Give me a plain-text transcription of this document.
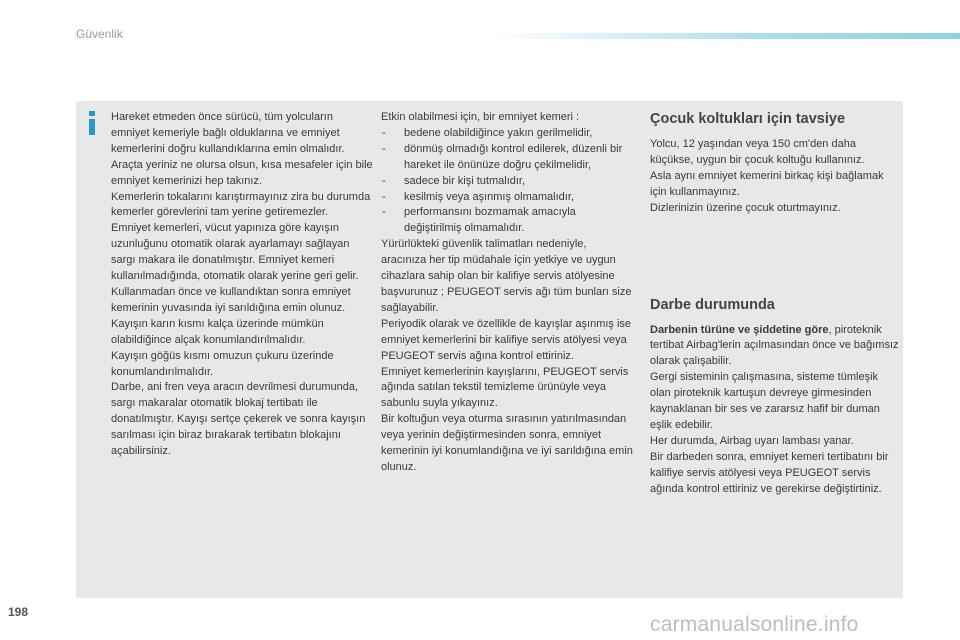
Güvenlik

Hareket etmeden önce sürücü, tüm yolcuların emniyet kemeriyle bağlı olduklarına ve emniyet kemerlerini doğru kullandıklarına emin olmalıdır.

Araçta yeriniz ne olursa olsun, kısa mesafeler için bile emniyet kemerinizi hep takınız.

Kemerlerin tokalarını karıştırmayınız zira bu durumda kemerler görevlerini tam yerine getiremezler.

Emniyet kemerleri, vücut yapınıza göre kayışın uzunluğunu otomatik olarak ayarlamayı sağlayan sargı makara ile donatılmıştır. Emniyet kemeri kullanılmadığında, otomatik olarak yerine geri gelir.

Kullanmadan önce ve kullandıktan sonra emniyet kemerinin yuvasında iyi sarıldığına emin olunuz.

Kayışın karın kısmı kalça üzerinde mümkün olabildiğince alçak konumlandırılmalıdır.

Kayışın göğüs kısmı omuzun çukuru üzerinde konumlandırılmalıdır.

Darbe, ani fren veya aracın devrilmesi durumunda, sargı makaralar otomatik blokaj tertibatı ile donatılmıştır. Kayışı sertçe çekerek ve sonra kayışın sarılması için biraz bırakarak tertibatın blokajını açabilirsiniz.

Etkin olabilmesi için, bir emniyet kemeri :

- bedene olabildiğince yakın gerilmelidir,
- dönmüş olmadığı kontrol edilerek, düzenli bir hareket ile önünüze doğru çekilmelidir,
- sadece bir kişi tutmalıdır,
- kesilmiş veya aşınmış olmamalıdır,
- performansını bozmamak amacıyla değiştirilmiş olmamalıdır.

Yürürlükteki güvenlik talimatları nedeniyle, aracınıza her tip müdahale için yetkiye ve uygun cihazlara sahip olan bir kalifiye servis atölyesine başvurunuz ; PEUGEOT servis ağı tüm bunları size sağlayabilir.

Periyodik olarak ve özellikle de kayışlar aşınmış ise emniyet kemerlerini bir kalifiye servis atölyesi veya PEUGEOT servis ağına kontrol ettiriniz.

Emniyet kemerlerinin kayışlarını, PEUGEOT servis ağında satılan tekstil temizleme ürünüyle veya sabunlu suyla yıkayınız.

Bir koltuğun veya oturma sırasının yatırılmasından veya yerinin değiştirmesinden sonra, emniyet kemerinin iyi konumlandığına ve iyi sarıldığına emin olunuz.

Çocuk koltukları için tavsiye

Yolcu, 12 yaşından veya 150 cm'den daha küçükse, uygun bir çocuk koltuğu kullanınız.

Asla aynı emniyet kemerini birkaç kişi bağlamak için kullanmayınız.

Dizlerinizin üzerine çocuk oturtmayınız.

Darbe durumunda

Darbenin türüne ve şiddetine göre, piroteknik tertibat Airbag'lerin açılmasından önce ve bağımsız olarak çalışabilir.

Gergi sisteminin çalışmasına, sisteme tümleşik olan piroteknik kartuşun devreye girmesinden kaynaklanan bir ses ve zararsız hafif bir duman eşlik edebilir.

Her durumda, Airbag uyarı lambası yanar.

Bir darbeden sonra, emniyet kemeri tertibatını bir kalifiye servis atölyesi veya PEUGEOT servis ağında kontrol ettiriniz ve gerekirse değiştirtiniz.

198
carmanualsonline.info
